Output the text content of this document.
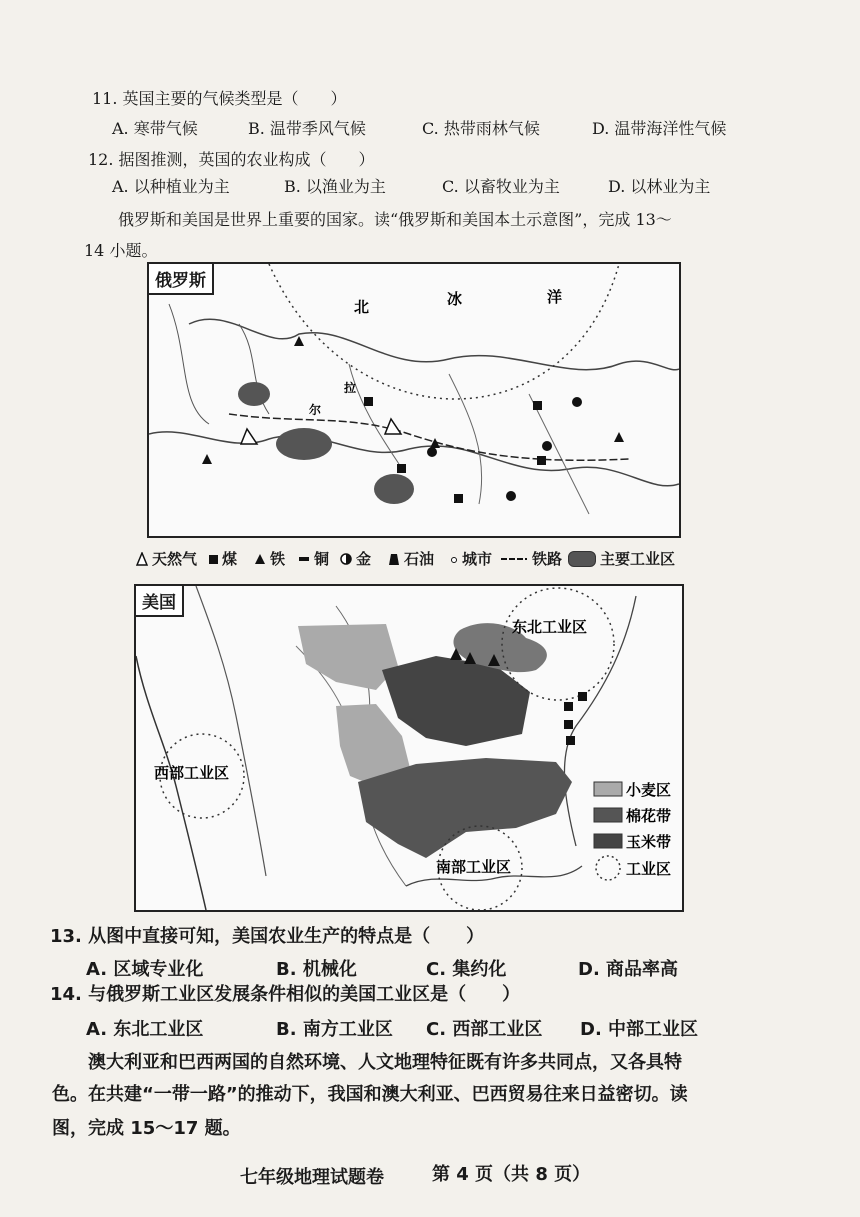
11. 英国主要的气候类型是（　　）
A. 寒带气候	B. 温带季风气候	C. 热带雨林气候	D. 温带海洋性气候
12. 据图推测，英国的农业构成（　　）
A. 以种植业为主	B. 以渔业为主	C. 以畜牧业为主	D. 以林业为主
俄罗斯和美国是世界上重要的国家。读“俄罗斯和美国本土示意图”，完成 13～
14 小题。
北	冰	洋
拉
尔
俄罗斯
天然气 煤 铁 铜 金 石油 城市	铁路	主要工业区
小麦区
棉花带
玉米带
工业区
东北工业区
西部工业区
南部工业区
美国
13. 从图中直接可知，美国农业生产的特点是（　　）
A. 区域专业化	B. 机械化	C. 集约化	D. 商品率高
14. 与俄罗斯工业区发展条件相似的美国工业区是（　　）
A. 东北工业区	B. 南方工业区 C. 西部工业区 D. 中部工业区
澳大利亚和巴西两国的自然环境、人文地理特征既有许多共同点，又各具特
色。在共建“一带一路”的推动下，我国和澳大利亚、巴西贸易往来日益密切。读
图，完成 15～17 题。
七年级地理试题卷	第 4 页（共 8 页）
